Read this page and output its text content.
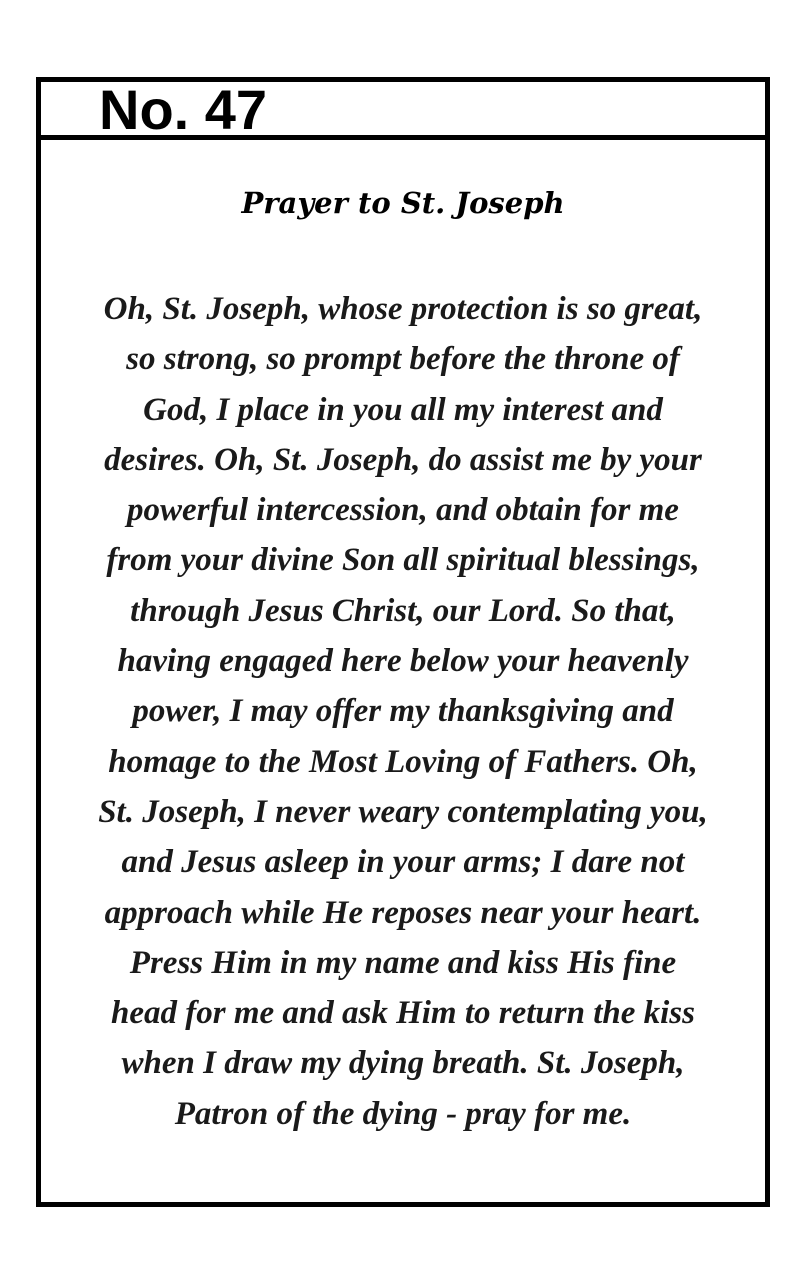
No. 47
Prayer to St. Joseph
Oh, St. Joseph, whose protection is so great,
so strong, so prompt before the throne of
God, I place in you all my interest and
desires. Oh, St. Joseph, do assist me by your
powerful intercession, and obtain for me
from your divine Son all spiritual blessings,
through Jesus Christ, our Lord. So that,
having engaged here below your heavenly
power, I may offer my thanksgiving and
homage to the Most Loving of Fathers. Oh,
St. Joseph, I never weary contemplating you,
and Jesus asleep in your arms; I dare not
approach while He reposes near your heart.
Press Him in my name and kiss His fine
head for me and ask Him to return the kiss
when I draw my dying breath. St. Joseph,
Patron of the dying - pray for me.
